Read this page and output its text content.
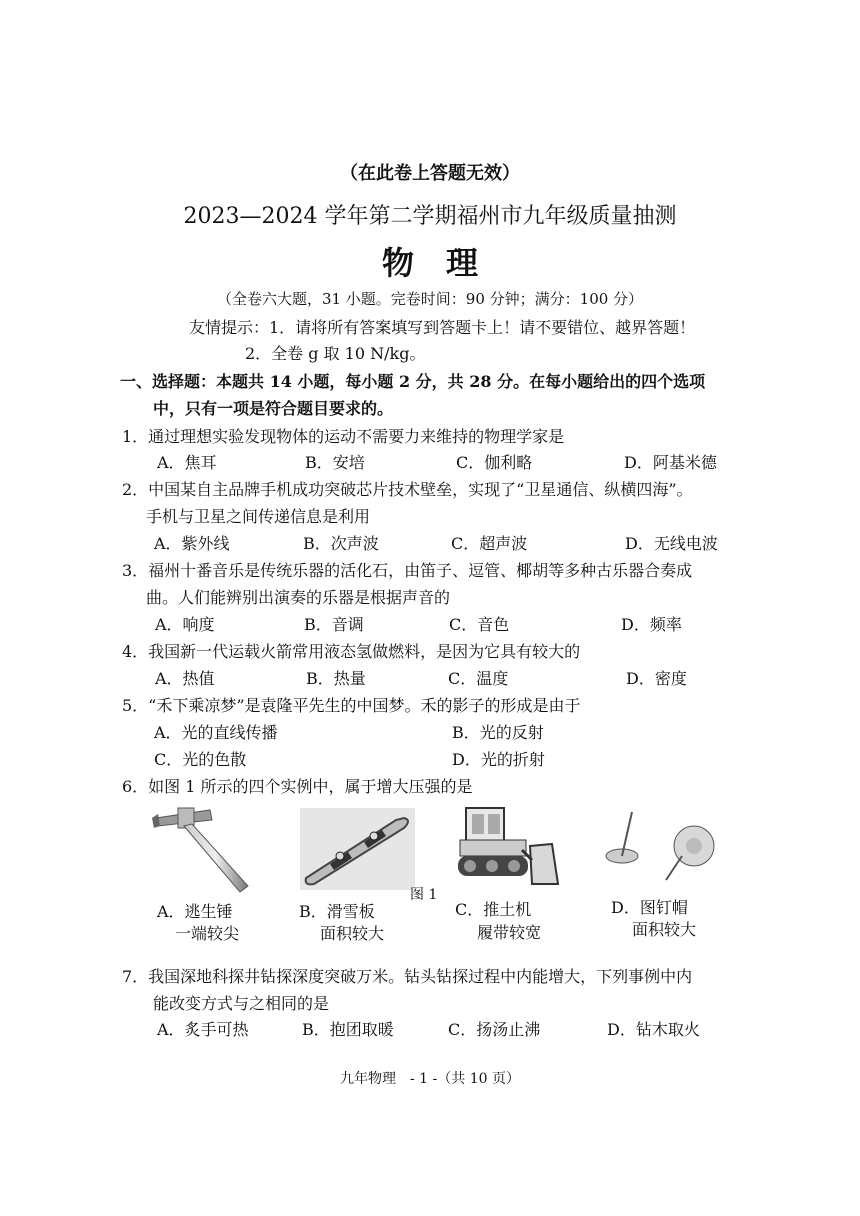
（在此卷上答题无效）
2023—2024 学年第二学期福州市九年级质量抽测
物　理
（全卷六大题，31 小题。完卷时间：90 分钟；满分：100 分）
友情提示：1．请将所有答案填写到答题卡上！请不要错位、越界答题！
2．全卷 g 取 10 N/kg。
一、选择题：本题共 14 小题，每小题 2 分，共 28 分。在每小题给出的四个选项
中，只有一项是符合题目要求的。
1．通过理想实验发现物体的运动不需要力来维持的物理学家是
A．焦耳	B．安培	C．伽利略	D．阿基米德
2．中国某自主品牌手机成功突破芯片技术壁垒，实现了“卫星通信、纵横四海”。
手机与卫星之间传递信息是利用
A．紫外线	B．次声波	C．超声波	D．无线电波
3．福州十番音乐是传统乐器的活化石，由笛子、逗管、椰胡等多种古乐器合奏成
曲。人们能辨别出演奏的乐器是根据声音的
A．响度	B．音调	C．音色	D．频率
4．我国新一代运载火箭常用液态氢做燃料，是因为它具有较大的
A．热值	B．热量	C．温度	D．密度
5．“禾下乘凉梦”是袁隆平先生的中国梦。禾的影子的形成是由于
A．光的直线传播	B．光的反射
C．光的色散	D．光的折射
6．如图 1 所示的四个实例中，属于增大压强的是
图 1
A．逃生锤
一端较尖
B．滑雪板
面积较大
C．推土机
履带较宽
D．图钉帽
面积较大
7．我国深地科探井钻探深度突破万米。钻头钻探过程中内能增大，下列事例中内
能改变方式与之相同的是
A．炙手可热	B．抱团取暖	C．扬汤止沸	D．钻木取火
九年物理　- 1 -（共 10 页）
